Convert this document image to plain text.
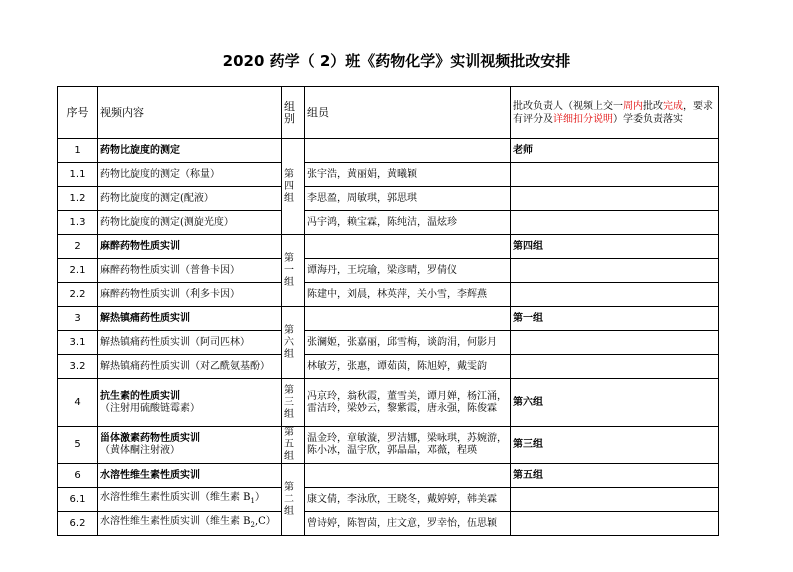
2020 药学（ 2）班《药物化学》实训视频批改安排
序号	视频内容	组别	组员	批改负责人（视频上交一周内批改完成，要求有评分及详细扣分说明）学委负责落实
1	药物比旋度的测定	第四组		老师
1.1	药物比旋度的测定（称量）		张宇浩，黄丽娟，黄曦颖	
1.2	药物比旋度的测定(配液）		李思盈，周敏琪，郭思琪	
1.3	药物比旋度的测定(测旋光度）		冯宇鸿，赖宝霖，陈纯洁，温炫珍	
2	麻醉药物性质实训	第一组		第四组
2.1	麻醉药物性质实训（普鲁卡因）		谭海丹，王垸瑜，梁彦晴，罗倩仪	
2.2	麻醉药物性质实训（利多卡因）		陈建中，刘晨，林英萍，关小雪，李辉燕	
3	解热镇痛药性质实训	第六组		第一组
3.1	解热镇痛药性质实训（阿司匹林）		张澜姬，张嘉丽，邱雪梅，谈韵涓，何影月	
3.2	解热镇痛药性质实训（对乙酰氨基酚）		林敏芳，张惠，谭茹茵，陈旭婷，戴雯韵	
4	抗生素的性质实训（注射用硫酸链霉素）	第三组	冯京玲，翁秋霞，董雪美，谭月婵，杨江涌，雷洁玲，梁妙云，黎紫霞，唐永强，陈俊霖	第六组
5	甾体激素药物性质实训（黄体酮注射液）	第五组	温金玲，章敏漩，罗洁娜，梁咏琪，苏婉游，陈小冰，温宇欣，郭晶晶，邓薇，程瑛	第三组
6	水溶性维生素性质实训	第二组		第五组
6.1	水溶性维生素性质实训（维生素 $B_1$）		康文倩，李泳欣，王晓冬，戴婷婷，韩美霖	
6.2	水溶性维生素性质实训（维生素 $B_2,C$）		曾诗婷，陈智茵，庄文意，罗幸怡，伍思颖	
